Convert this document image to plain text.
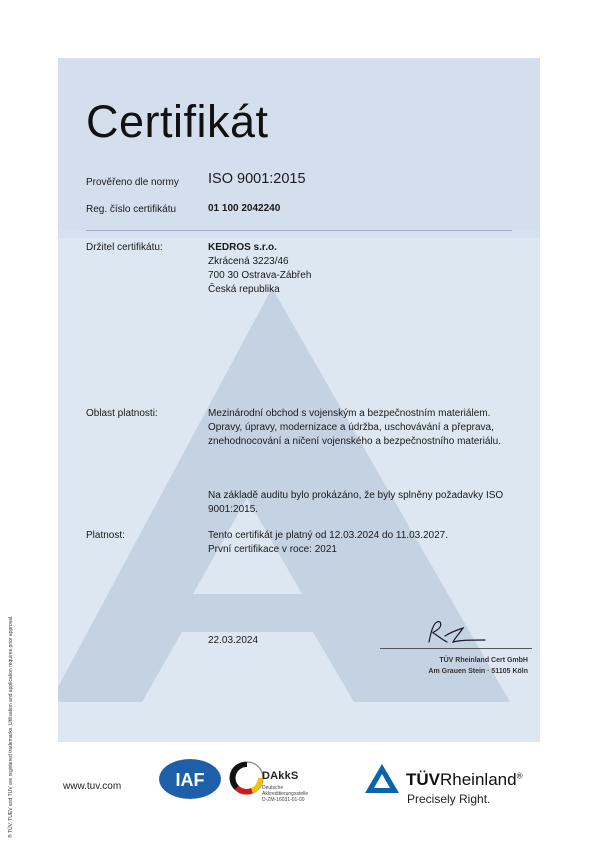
Certifikát
Prověřeno dle normy ISO 9001:2015
Reg. číslo certifikátu	01 100 2042240
Držitel certifikátu:	KEDROS s.r.o.
Zkrácená 3223/46
700 30 Ostrava-Zábřeh
Česká republika
Oblast platnosti:	Mezinárodní obchod s vojenským a bezpečnostním materiálem.
Opravy, úpravy, modernizace a údržba, uschovávání a přeprava,
znehodnocování a ničení vojenského a bezpečnostního materiálu.
Na základě auditu bylo prokázáno, že byly splněny požadavky ISO
9001:2015.
Platnost:	Tento certifikát je platný od 12.03.2024 do 11.03.2027.
První certifikace v roce: 2021
22.03.2024
TÜV Rheinland Cert GmbH
Am Grauen Stein · 51105 Köln
® TÜV, TUEV and TUV are registered trademarks. Utilisation and application requires prior approval.	www.tuv.com	IAF	DAkkS
Deutsche
Akkreditierungsstelle
D-ZM-16031-01-00
TÜVRheinland®
Precisely Right.
